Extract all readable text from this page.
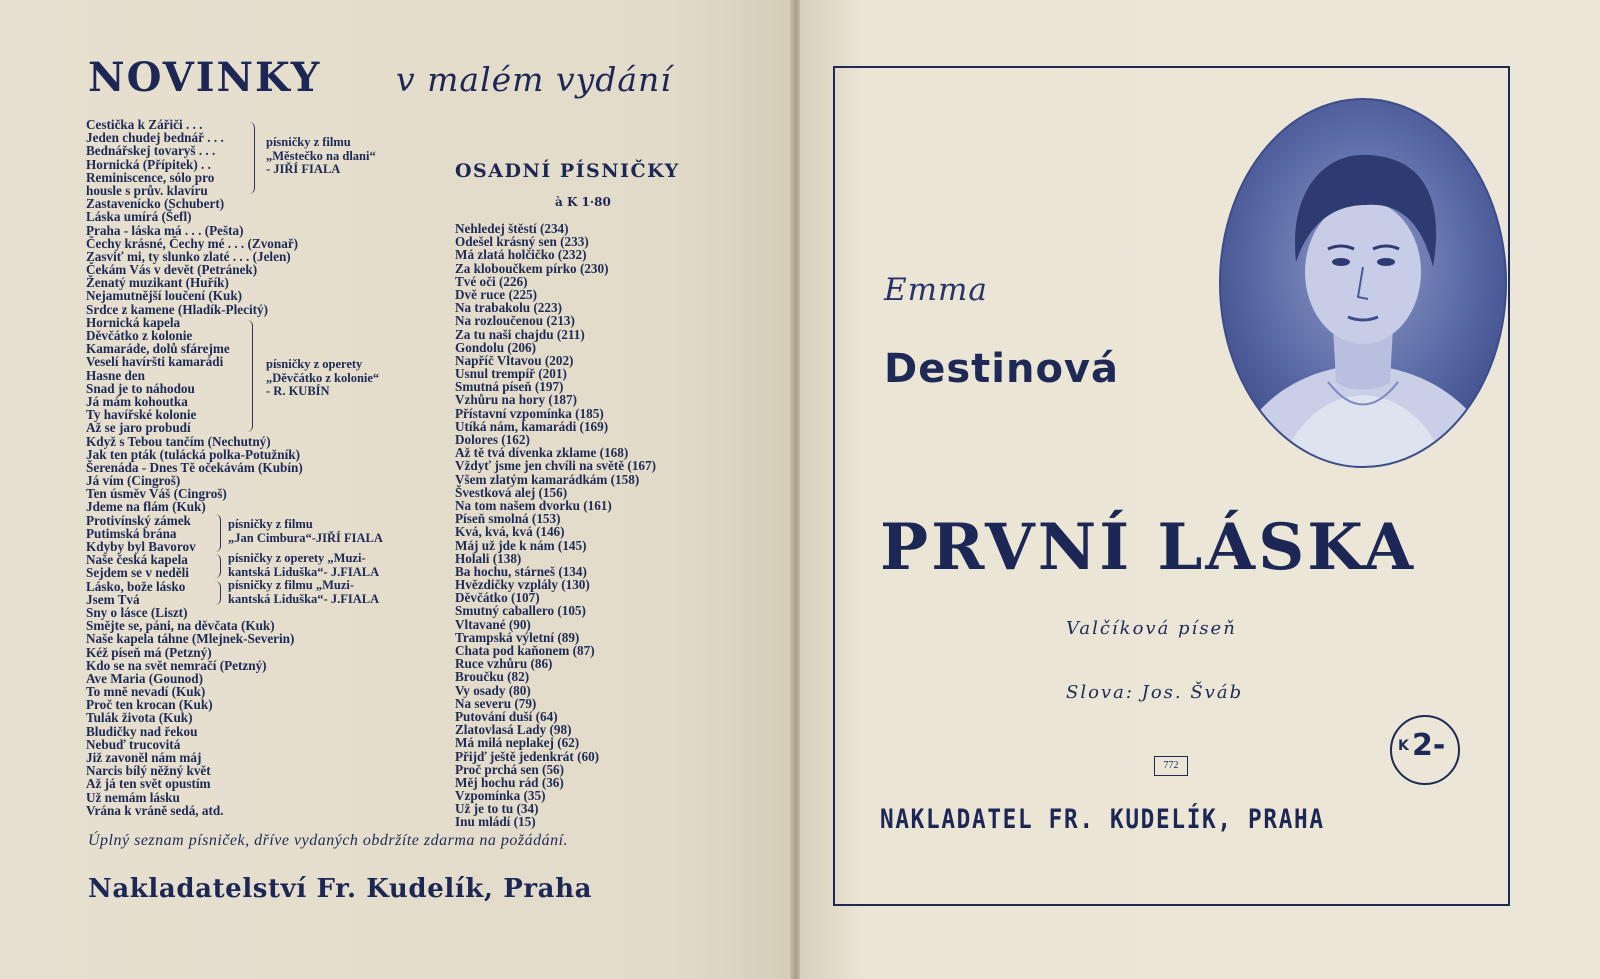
NOVINKY v malém vydání
Cestička k Zářiči . . .
Jeden chudej bednář . . .
Bednářskej tovaryš . . .
Hornická (Přípitek) . .
Reminiscence, sólo pro
housle s prův. klavíru
Zastavenícko (Schubert)
Láska umírá (Šefl)
Praha - láska má . . . (Pešta)
Čechy krásné, Čechy mé . . . (Zvonař)
Zasviť mi, ty slunko zlaté . . . (Jelen)
Čekám Vás v devět (Petránek)
Ženatý muzikant (Huřík)
Nejamutnější loučení (Kuk)
Srdce z kamene (Hladík-Plecitý)
Hornická kapela
Děvčátko z kolonie
Kamaráde, dolů sfárejme
Veselí havíršti kamarádi
Hasne den
Snad je to náhodou
Já mám kohoutka
Ty havířské kolonie
Až se jaro probudí
Když s Tebou tančím (Nechutný)
Jak ten pták (tulácká polka-Potužník)
Šerenáda - Dnes Tě očekávám (Kubín)
Já vím (Cingroš)
Ten úsměv Váš (Cingroš)
Jdeme na flám (Kuk)
Protivínský zámek
Putimská brána
Kdyby byl Bavorov
Naše česká kapela
Sejdem se v neděli
Lásko, bože lásko
Jsem Tvá
Sny o lásce (Liszt)
Smějte se, páni, na děvčata (Kuk)
Naše kapela táhne (Mlejnek-Severin)
Kéž píseň má (Petzný)
Kdo se na svět nemračí (Petzný)
Ave Maria (Gounod)
To mně nevadí (Kuk)
Proč ten krocan (Kuk)
Tulák života (Kuk)
Bludičky nad řekou
Nebuď trucovitá
Již zavoněl nám máj
Narcis bílý něžný květ
Až já ten svět opustím
Už nemám lásku
Vrána k vráně sedá, atd.
písničky z filmu
„Městečko na dlani“
- JIŘÍ FIALA
písničky z operety
„Děvčátko z kolonie“
- R. KUBÍN
písničky z filmu
„Jan Cimbura“-JIŘÍ FIALA
písničky z operety „Muzi-
kantská Liduška“- J.FIALA
písničky z filmu „Muzi-
kantská Liduška“- J.FIALA
OSADNÍ PÍSNIČKY
à K 1·80
Nehledej štěstí (234)
Odešel krásný sen (233)
Má zlatá holčičko (232)
Za kloboučkem pírko (230)
Tvé oči (226)
Dvě ruce (225)
Na trabakolu (223)
Na rozloučenou (213)
Za tu naši chajdu (211)
Gondolu (206)
Napříč Vltavou (202)
Usnul trempíř (201)
Smutná píseň (197)
Vzhůru na hory (187)
Přístavní vzpomínka (185)
Utíká nám, kamarádi (169)
Dolores (162)
Až tě tvá dívenka zklame (168)
Vždyť jsme jen chvíli na světě (167)
Všem zlatým kamarádkám (158)
Švestková alej (156)
Na tom našem dvorku (161)
Píseň smolná (153)
Kvá, kvá, kvá (146)
Máj už jde k nám (145)
Holali (138)
Ba hochu, stárneš (134)
Hvězdičky vzplály (130)
Děvčátko (107)
Smutný caballero (105)
Vltavané (90)
Trampská výletní (89)
Chata pod kaňonem (87)
Ruce vzhůru (86)
Broučku (82)
Vy osady (80)
Na severu (79)
Putování duší (64)
Zlatovlasá Lady (98)
Má milá neplakej (62)
Přijď ještě jedenkrát (60)
Proč prchá sen (56)
Měj hochu rád (36)
Vzpomínka (35)
Už je to tu (34)
Inu mládí (15)
Úplný seznam písniček, dříve vydaných obdržíte zdarma na požádání.
Nakladatelství Fr. Kudelík, Praha
Emma
Destinová
PRVNÍ LÁSKA
Valčíková píseň
Slova: Jos. Šváb
K 2-
772
NAKLADATEL FR. KUDELÍK, PRAHA
